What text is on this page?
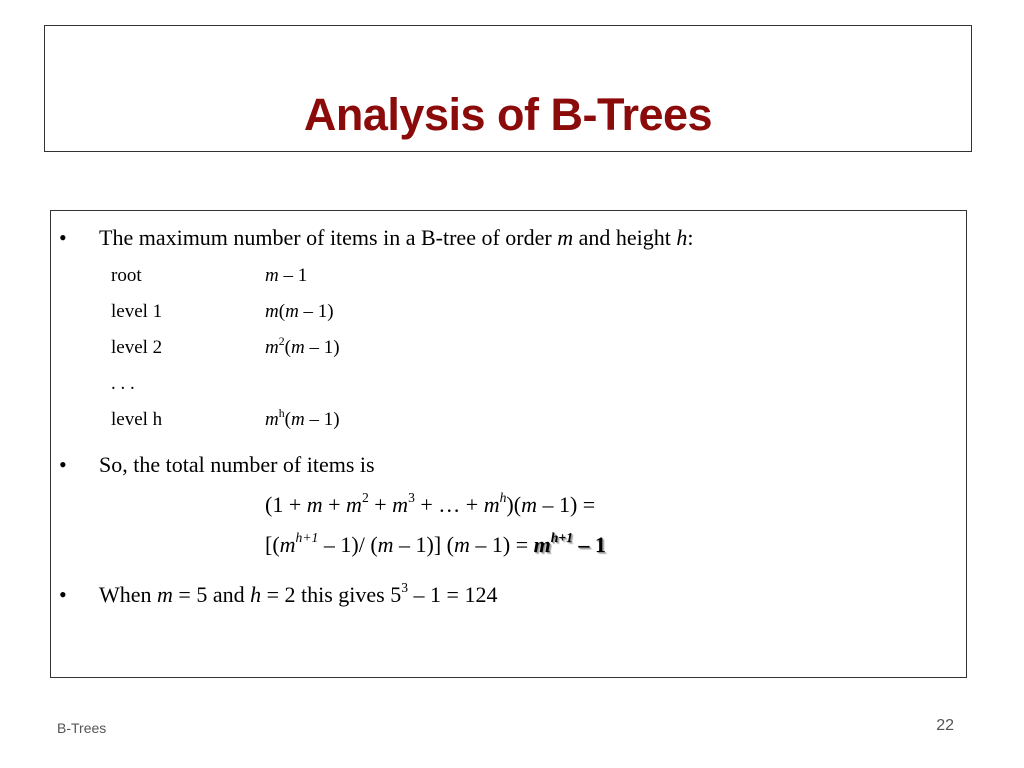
Analysis of B-Trees
• The maximum number of items in a B-tree of order m and height h:
root	m – 1
level 1	m(m – 1)
level 2	$m^2(m - 1)$
. . .
level h	$m^h(m - 1)$
• So, the total number of items is
($1 + m + m^2 + m^3$ + … + $m^h)(m - 1)$ =
[$(m^{h+1} - 1)/$ (m – 1)] $(m - 1) = m^{h+1} - 1$
• When m = 5 and h = 2 this gives $5^3 - 1 = 124$
B-Trees	22
